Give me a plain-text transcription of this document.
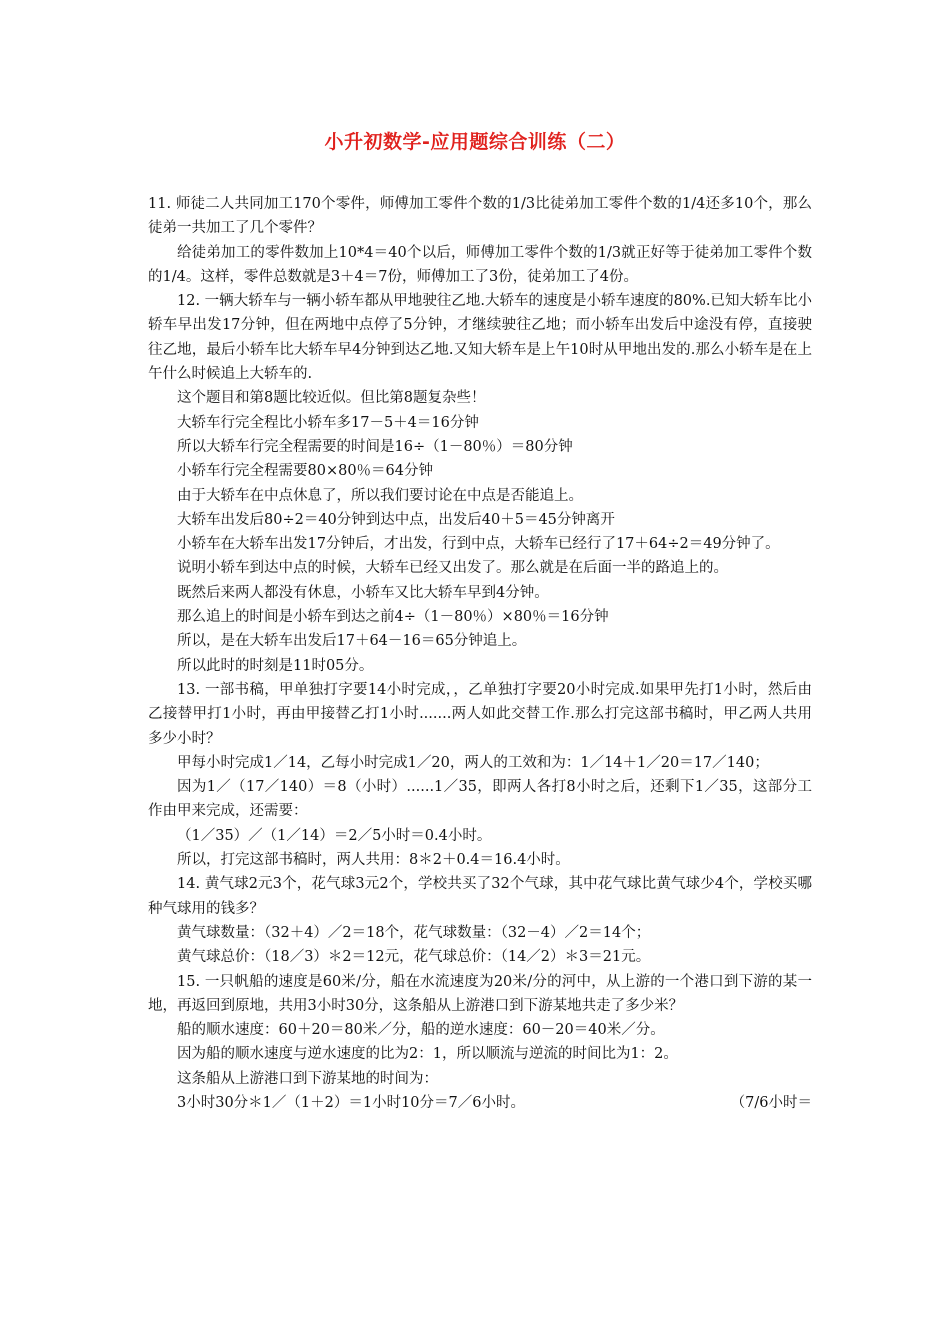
小升初数学-应用题综合训练（二）

11. 师徒二人共同加工170个零件，师傅加工零件个数的1/3比徒弟加工零件个数的1/4还多10个，那么徒弟一共加工了几个零件？

给徒弟加工的零件数加上10*4＝40个以后，师傅加工零件个数的1/3就正好等于徒弟加工零件个数的1/4。这样，零件总数就是3＋4＝7份，师傅加工了3份，徒弟加工了4份。

12. 一辆大轿车与一辆小轿车都从甲地驶往乙地.大轿车的速度是小轿车速度的80%.已知大轿车比小轿车早出发17分钟，但在两地中点停了5分钟，才继续驶往乙地；而小轿车出发后中途没有停，直接驶往乙地，最后小轿车比大轿车早4分钟到达乙地.又知大轿车是上午10时从甲地出发的.那么小轿车是在上午什么时候追上大轿车的.

这个题目和第8题比较近似。但比第8题复杂些！

大轿车行完全程比小轿车多17－5＋4＝16分钟

所以大轿车行完全程需要的时间是16÷（1－80％）＝80分钟

小轿车行完全程需要80×80％＝64分钟

由于大轿车在中点休息了，所以我们要讨论在中点是否能追上。

大轿车出发后80÷2＝40分钟到达中点，出发后40＋5＝45分钟离开

小轿车在大轿车出发17分钟后，才出发，行到中点，大轿车已经行了17＋64÷2＝49分钟了。

说明小轿车到达中点的时候，大轿车已经又出发了。那么就是在后面一半的路追上的。

既然后来两人都没有休息，小轿车又比大轿车早到4分钟。

那么追上的时间是小轿车到达之前4÷（1－80％）×80％＝16分钟

所以，是在大轿车出发后17＋64－16＝65分钟追上。

所以此时的时刻是11时05分。

13. 一部书稿，甲单独打字要14小时完成，，乙单独打字要20小时完成.如果甲先打1小时，然后由乙接替甲打1小时，再由甲接替乙打1小时.......两人如此交替工作.那么打完这部书稿时，甲乙两人共用多少小时？

甲每小时完成1／14，乙每小时完成1／20，两人的工效和为：1／14＋1／20＝17／140；

因为1／（17／140）＝8（小时）......1／35，即两人各打8小时之后，还剩下1／35，这部分工作由甲来完成，还需要：

（1／35）／（1／14）＝2／5小时＝0.4小时。

所以，打完这部书稿时，两人共用：8＊2＋0.4＝16.4小时。

14. 黄气球2元3个，花气球3元2个，学校共买了32个气球，其中花气球比黄气球少4个，学校买哪种气球用的钱多？

黄气球数量：（32＋4）／2＝18个，花气球数量：（32－4）／2＝14个；

黄气球总价：（18／3）＊2＝12元，花气球总价：（14／2）＊3＝21元。

15. 一只帆船的速度是60米/分，船在水流速度为20米/分的河中，从上游的一个港口到下游的某一地，再返回到原地，共用3小时30分，这条船从上游港口到下游某地共走了多少米？

船的顺水速度：60＋20＝80米／分，船的逆水速度：60－20＝40米／分。

因为船的顺水速度与逆水速度的比为2：1，所以顺流与逆流的时间比为1：2。

这条船从上游港口到下游某地的时间为：

3小时30分＊1／（1＋2）＝1小时10分＝7／6小时。	（7/6小时＝
